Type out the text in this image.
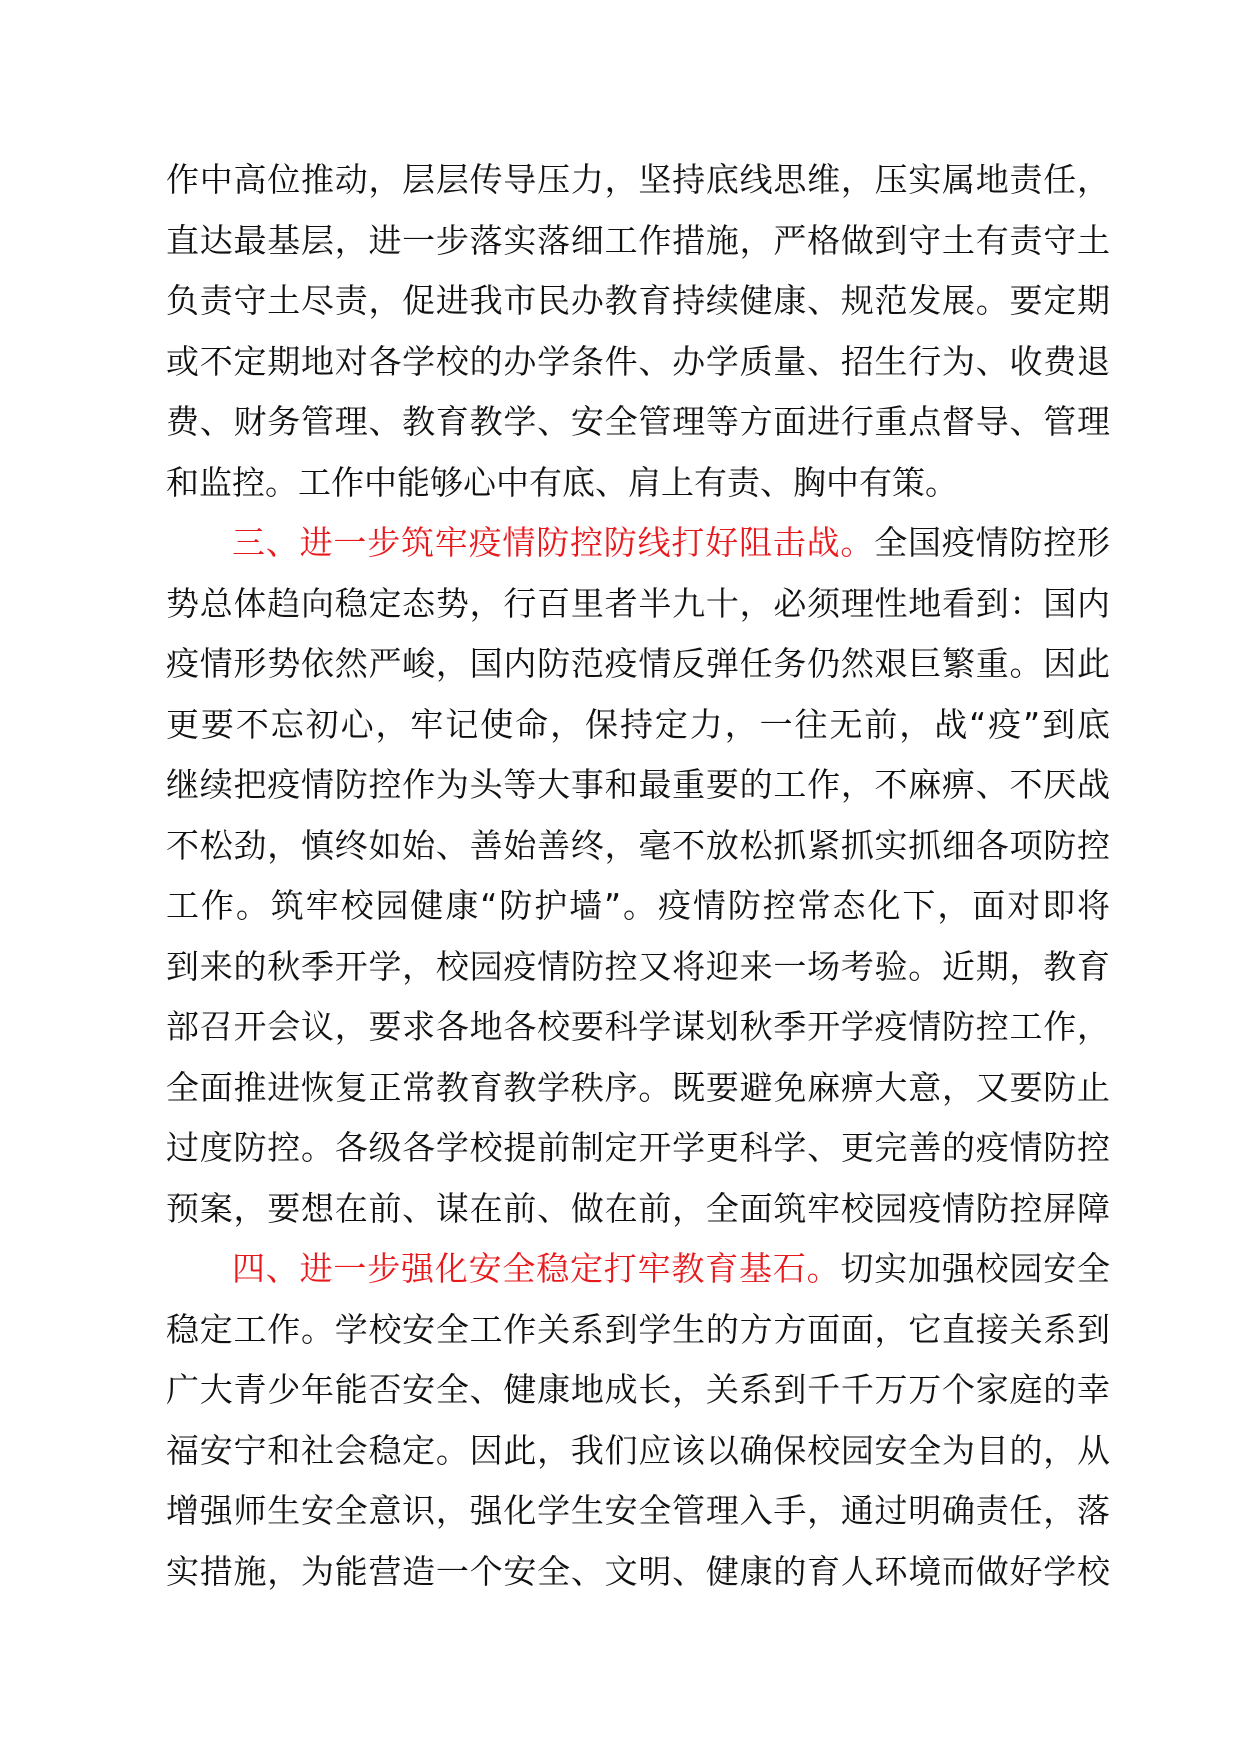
作中高位推动，层层传导压力，坚持底线思维，压实属地责任，
直达最基层，进一步落实落细工作措施，严格做到守土有责守土
负责守土尽责，促进我市民办教育持续健康、规范发展。要定期
或不定期地对各学校的办学条件、办学质量、招生行为、收费退
费、财务管理、教育教学、安全管理等方面进行重点督导、管理
和监控。工作中能够心中有底、肩上有责、胸中有策。
三、进一步筑牢疫情防控防线打好阻击战。全国疫情防控形
势总体趋向稳定态势，行百里者半九十，必须理性地看到：国内
疫情形势依然严峻，国内防范疫情反弹任务仍然艰巨繁重。因此
更要不忘初心，牢记使命，保持定力，一往无前，战“疫”到底
继续把疫情防控作为头等大事和最重要的工作，不麻痹、不厌战
不松劲，慎终如始、善始善终，毫不放松抓紧抓实抓细各项防控
工作。筑牢校园健康“防护墙”。疫情防控常态化下，面对即将
到来的秋季开学，校园疫情防控又将迎来一场考验。近期，教育
部召开会议，要求各地各校要科学谋划秋季开学疫情防控工作，
全面推进恢复正常教育教学秩序。既要避免麻痹大意，又要防止
过度防控。各级各学校提前制定开学更科学、更完善的疫情防控
预案，要想在前、谋在前、做在前，全面筑牢校园疫情防控屏障
四、进一步强化安全稳定打牢教育基石。切实加强校园安全
稳定工作。学校安全工作关系到学生的方方面面，它直接关系到
广大青少年能否安全、健康地成长，关系到千千万万个家庭的幸
福安宁和社会稳定。因此，我们应该以确保校园安全为目的，从
增强师生安全意识，强化学生安全管理入手，通过明确责任，落
实措施，为能营造一个安全、文明、健康的育人环境而做好学校
